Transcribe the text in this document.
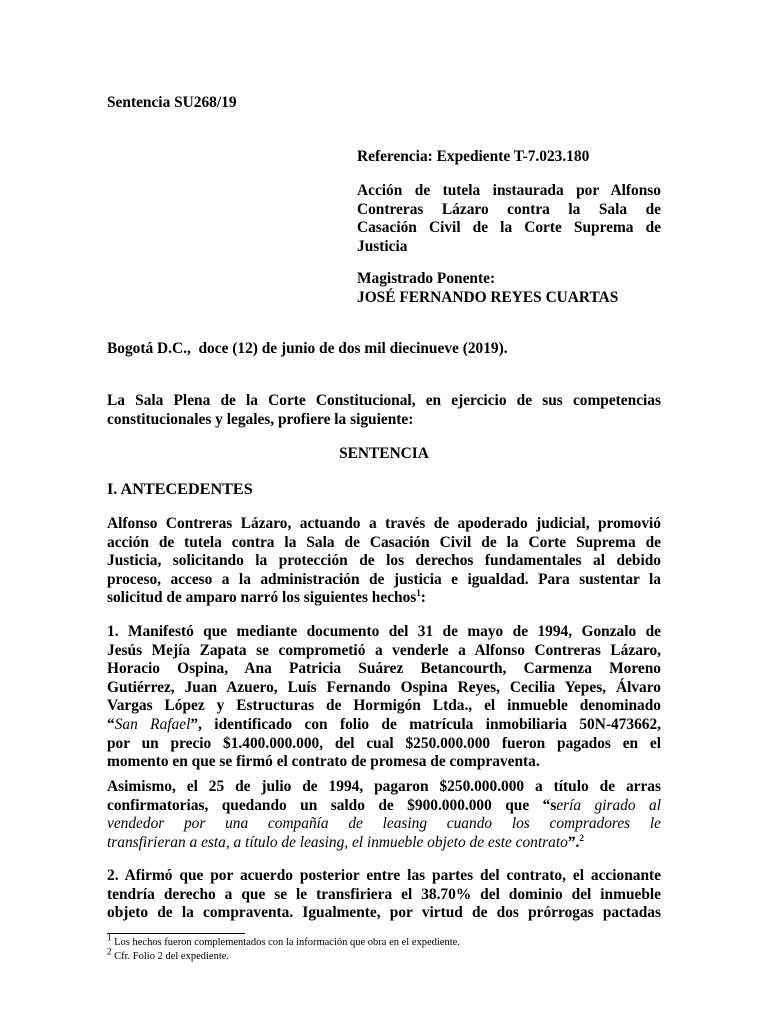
Sentencia SU268/19
Referencia: Expediente T-7.023.180
Acción de tutela instaurada por Alfonso
Contreras Lázaro contra la Sala de
Casación Civil de la Corte Suprema de
Justicia
Magistrado Ponente:
JOSÉ FERNANDO REYES CUARTAS
Bogotá D.C.,  doce (12) de junio de dos mil diecinueve (2019).
La Sala Plena de la Corte Constitucional, en ejercicio de sus competencias
constitucionales y legales, profiere la siguiente:
SENTENCIA
I. ANTECEDENTES
Alfonso Contreras Lázaro, actuando a través de apoderado judicial, promovió
acción de tutela contra la Sala de Casación Civil de la Corte Suprema de
Justicia, solicitando la protección de los derechos fundamentales al debido
proceso, acceso a la administración de justicia e igualdad. Para sustentar la
solicitud de amparo narró los siguientes hechos$^1$:
1. Manifestó que mediante documento del 31 de mayo de 1994, Gonzalo de
Jesús Mejía Zapata se comprometió a venderle a Alfonso Contreras Lázaro,
Horacio Ospina, Ana Patricia Suárez Betancourth, Carmenza Moreno
Gutiérrez, Juan Azuero, Luís Fernando Ospina Reyes, Cecilia Yepes, Álvaro
Vargas López y Estructuras de Hormigón Ltda., el inmueble denominado
“San Rafael”, identificado con folio de matrícula inmobiliaria 50N-473662,
por un precio $1.400.000.000, del cual $250.000.000 fueron pagados en el
momento en que se firmó el contrato de promesa de compraventa.
Asimismo, el 25 de julio de 1994, pagaron $250.000.000 a título de arras
confirmatorias, quedando un saldo de $900.000.000 que “sería girado al
vendedor por una compañía de leasing cuando los compradores le
transfirieran a esta, a título de leasing, el inmueble objeto de este contrato”.$^2$
2. Afirmó que por acuerdo posterior entre las partes del contrato, el accionante
tendría derecho a que se le transfiriera el 38.70% del dominio del inmueble
objeto de la compraventa. Igualmente, por virtud de dos prórrogas pactadas
$^1$ Los hechos fueron complementados con la información que obra en el expediente.
$^2$ Cfr. Folio 2 del expediente.
